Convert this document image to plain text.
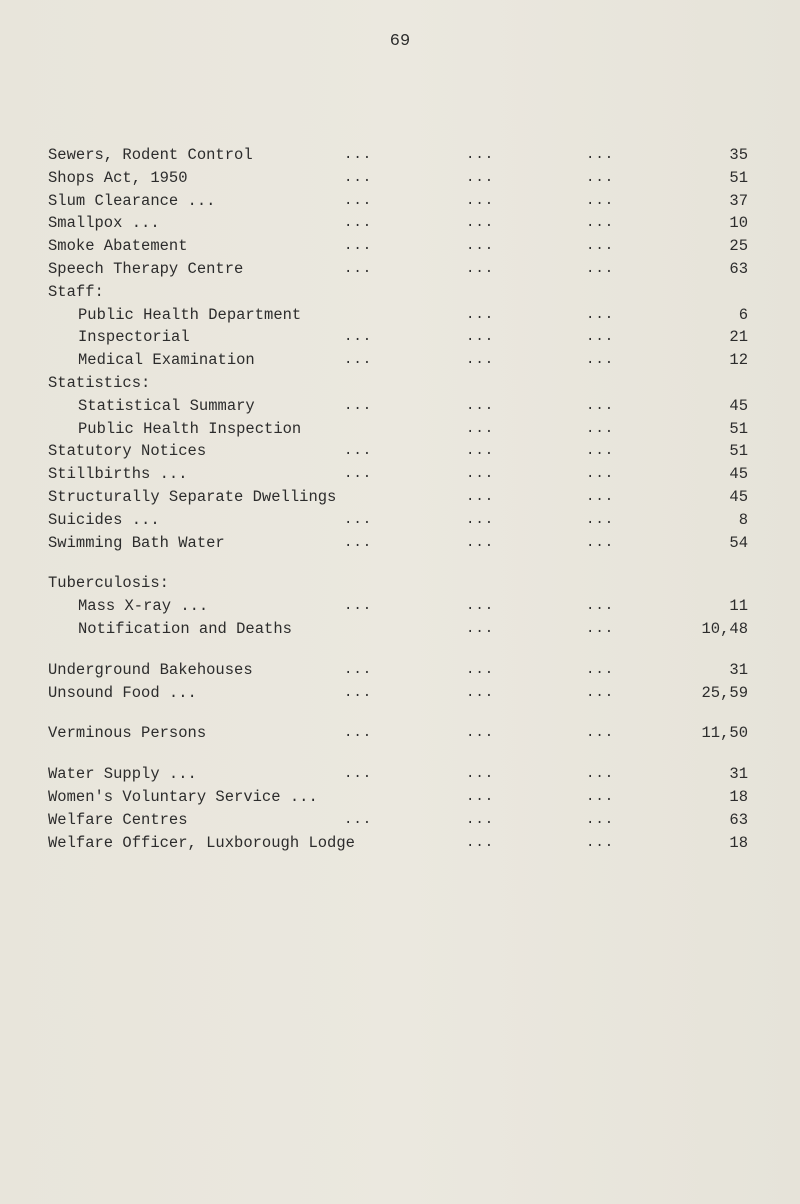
69
Sewers, Rodent Control	...	...	...	35
Shops Act, 1950	...	...	...	51
Slum Clearance ...	...	...	...	37
Smallpox ...	...	...	...	10
Smoke Abatement	...	...	...	25
Speech Therapy Centre	...	...	...	63
Staff:
Public Health Department	...	...	6
Inspectorial	...	...	...	21
Medical Examination	...	...	...	12
Statistics:
Statistical Summary	...	...	...	45
Public Health Inspection	...	...	51
Statutory Notices	...	...	...	51
Stillbirths ...	...	...	...	45
Structurally Separate Dwellings	...	...	45
Suicides ...	...	...	...	8
Swimming Bath Water	...	...	...	54
Tuberculosis:
Mass X-ray ...	...	...	...	11
Notification and Deaths	...	...	10,48
Underground Bakehouses	...	...	...	31
Unsound Food ...	...	...	...	25,59
Verminous Persons	...	...	...	11,50
Water Supply ...	...	...	...	31
Women's Voluntary Service ...	...	...	18
Welfare Centres	...	...	...	63
Welfare Officer, Luxborough Lodge	...	...	18
